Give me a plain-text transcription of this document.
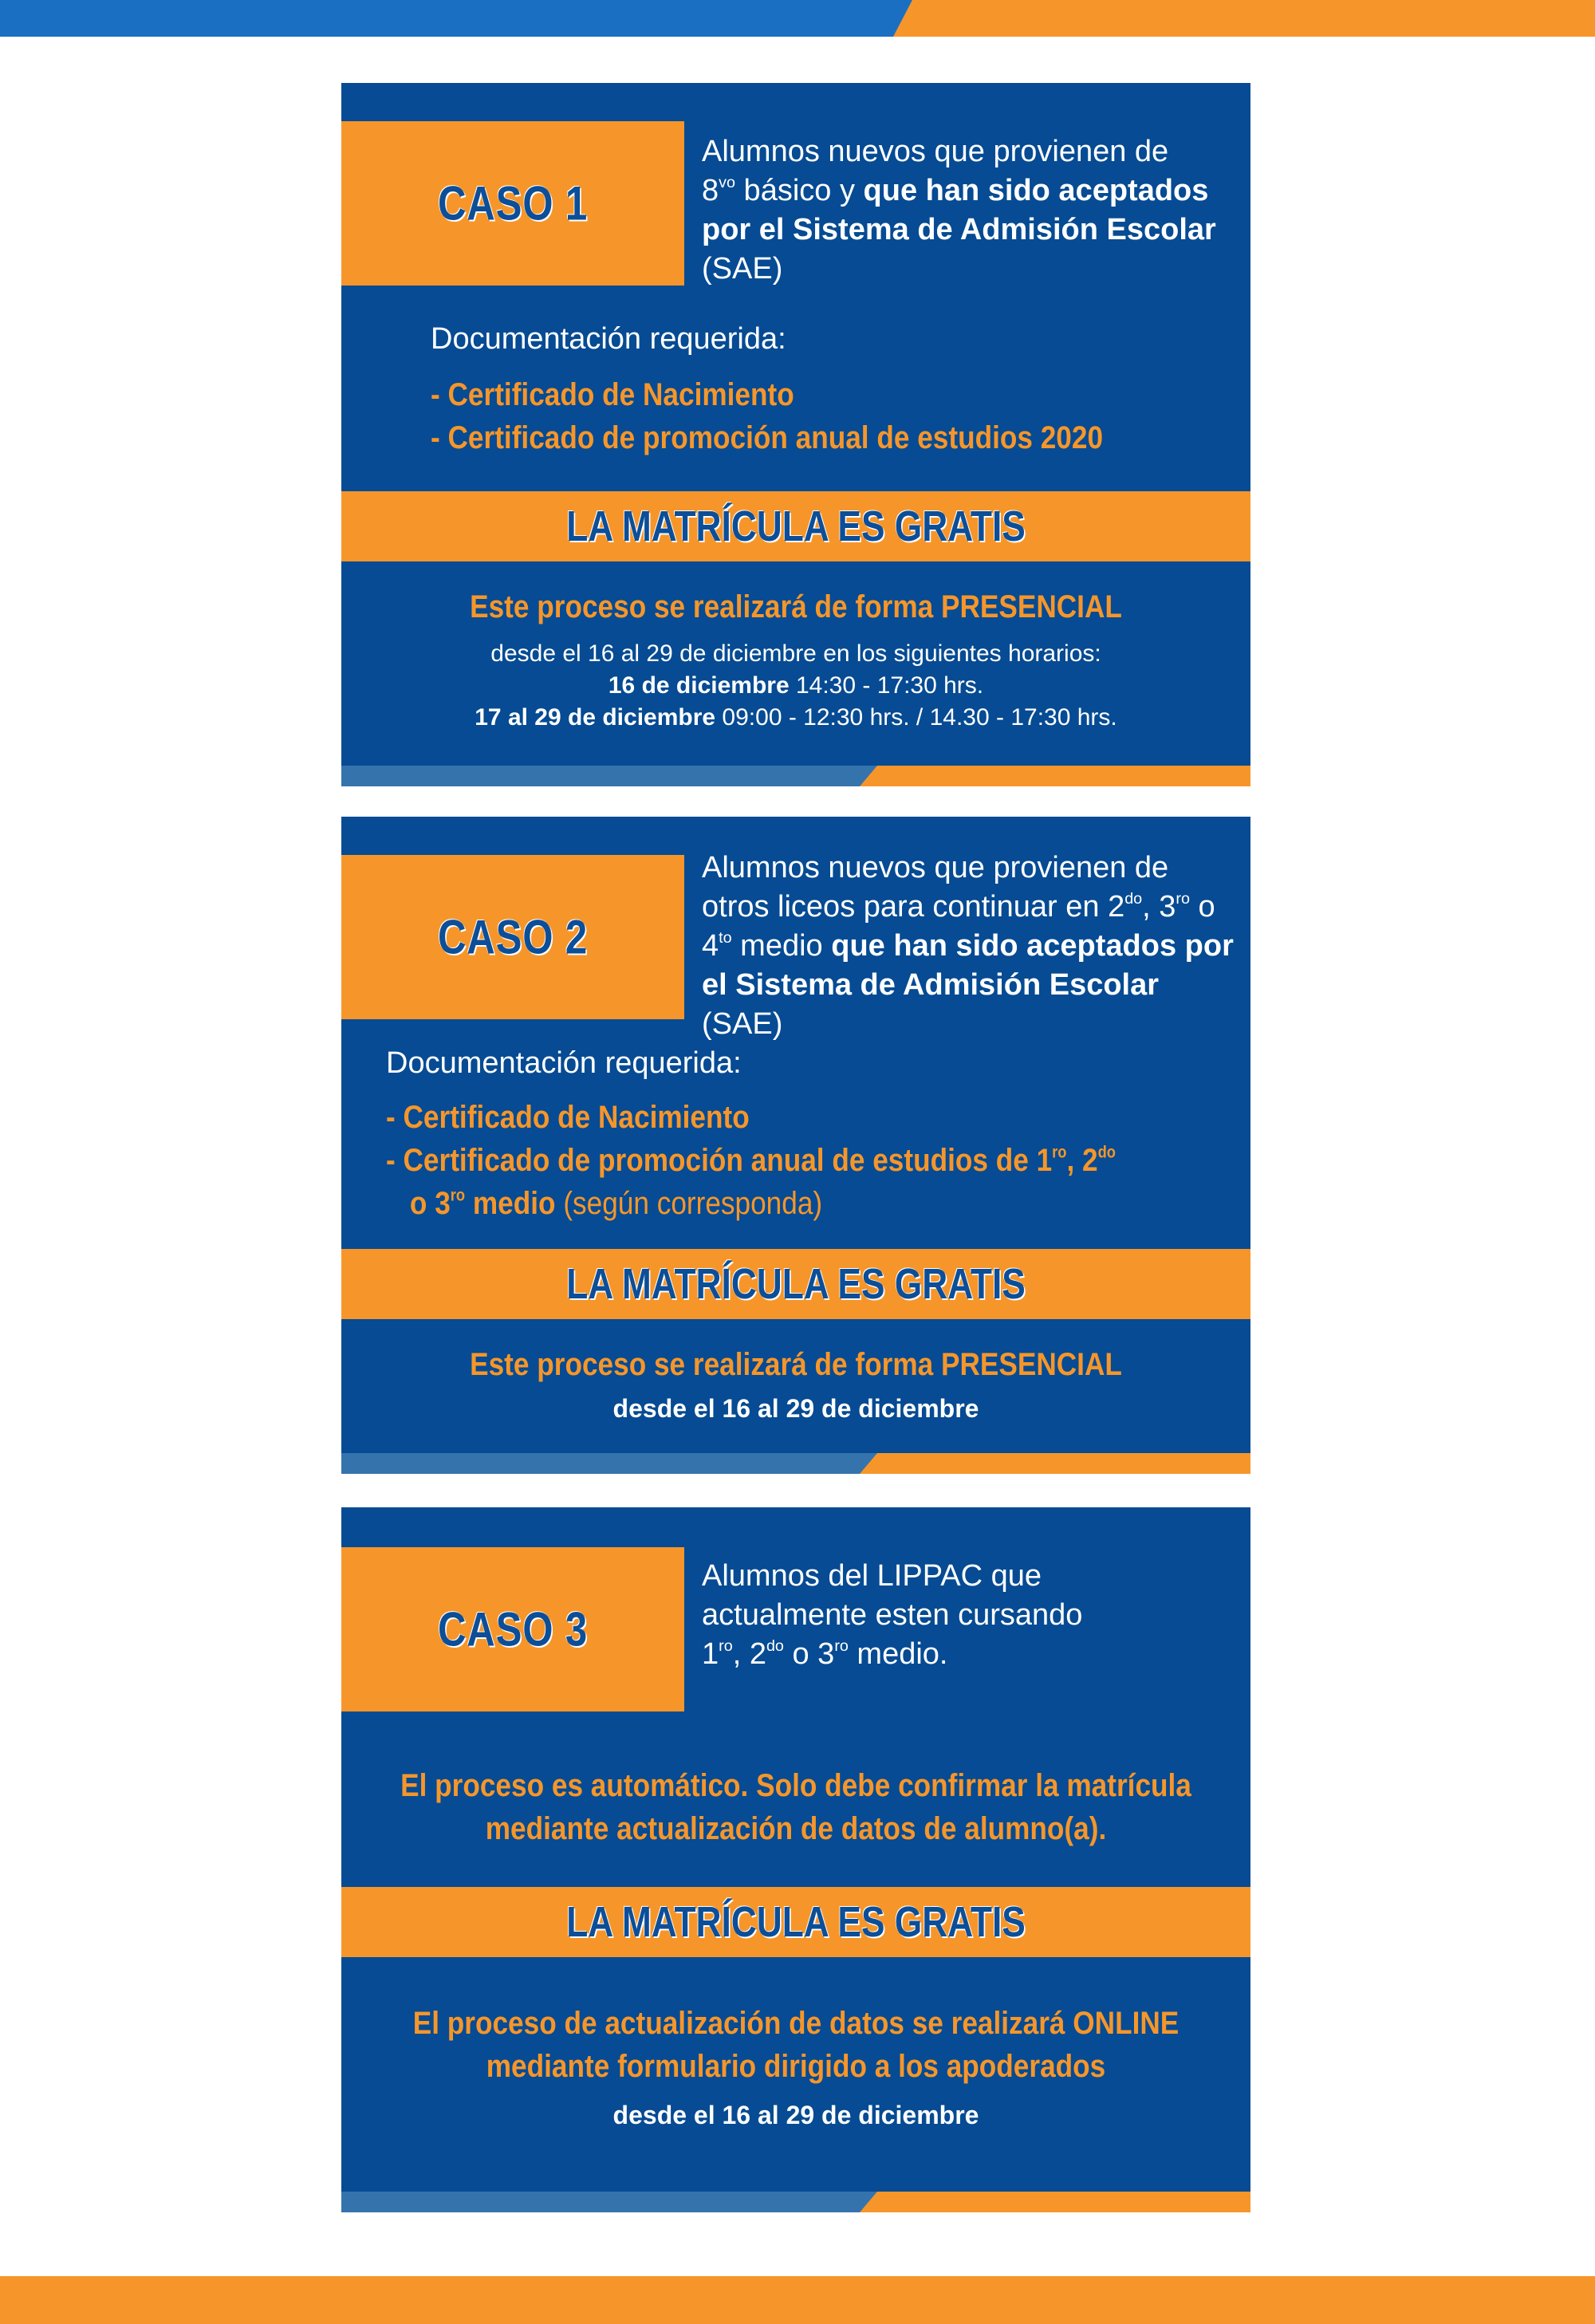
CASO 1
Alumnos nuevos que provienen de
$8^{vo}$ básico y que han sido aceptados por el Sistema de Admisión Escolar (SAE)
Documentación requerida:
- Certificado de Nacimiento
- Certificado de promoción anual de estudios 2020
LA MATRÍCULA ES GRATIS
Este proceso se realizará de forma PRESENCIAL
desde el 16 al 29 de diciembre en los siguientes horarios:
16 de diciembre 14:30 - 17:30 hrs.
17 al 29 de diciembre 09:00 - 12:30 hrs. / 14.30 - 17:30 hrs.
CASO 2
Alumnos nuevos que provienen de otros liceos para continuar en $2^{do}$, $3^{ro}$ o $4^{to}$ medio que han sido aceptados por el Sistema de Admisión Escolar (SAE)
Documentación requerida:
- Certificado de Nacimiento
- Certificado de promoción anual de estudios de $1^{ro}$, $2^{do}$
o $3^{ro}$ medio (según corresponda)
LA MATRÍCULA ES GRATIS
Este proceso se realizará de forma PRESENCIAL
desde el 16 al 29 de diciembre
CASO 3
Alumnos del LIPPAC que actualmente esten cursando
$1^{ro}$, $2^{do}$ o $3^{ro}$ medio.
El proceso es automático. Solo debe confirmar la matrícula
mediante actualización de datos de alumno(a).
LA MATRÍCULA ES GRATIS
El proceso de actualización de datos se realizará ONLINE
mediante formulario dirigido a los apoderados
desde el 16 al 29 de diciembre
